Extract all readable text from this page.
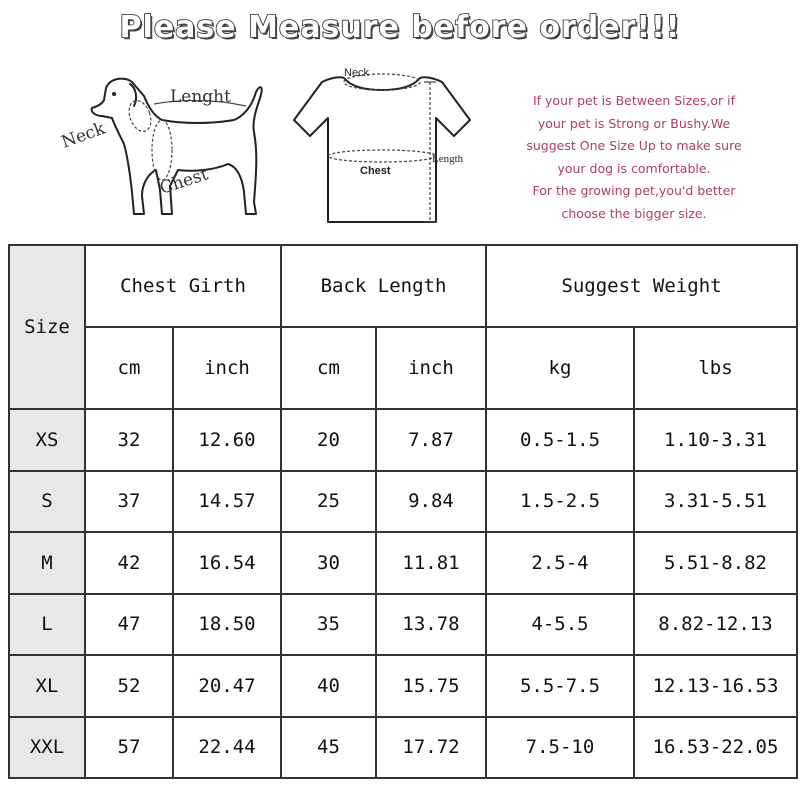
Please Measure before order!!!
Neck
Lenght
Chest
Neck
Chest
Length
If your pet is Between Sizes,or if
your pet is Strong or Bushy.We
suggest One Size Up to make sure
your dog is comfortable.
For the growing pet,you'd better
choose the bigger size.
Size	Chest Girth		Back Length		Suggest Weight	
	cm	inch	cm	inch	kg	lbs
XS	32	12.60	20	7.87	0.5-1.5	1.10-3.31
S	37	14.57	25	9.84	1.5-2.5	3.31-5.51
M	42	16.54	30	11.81	2.5-4	5.51-8.82
L	47	18.50	35	13.78	4-5.5	8.82-12.13
XL	52	20.47	40	15.75	5.5-7.5	12.13-16.53
XXL	57	22.44	45	17.72	7.5-10	16.53-22.05
